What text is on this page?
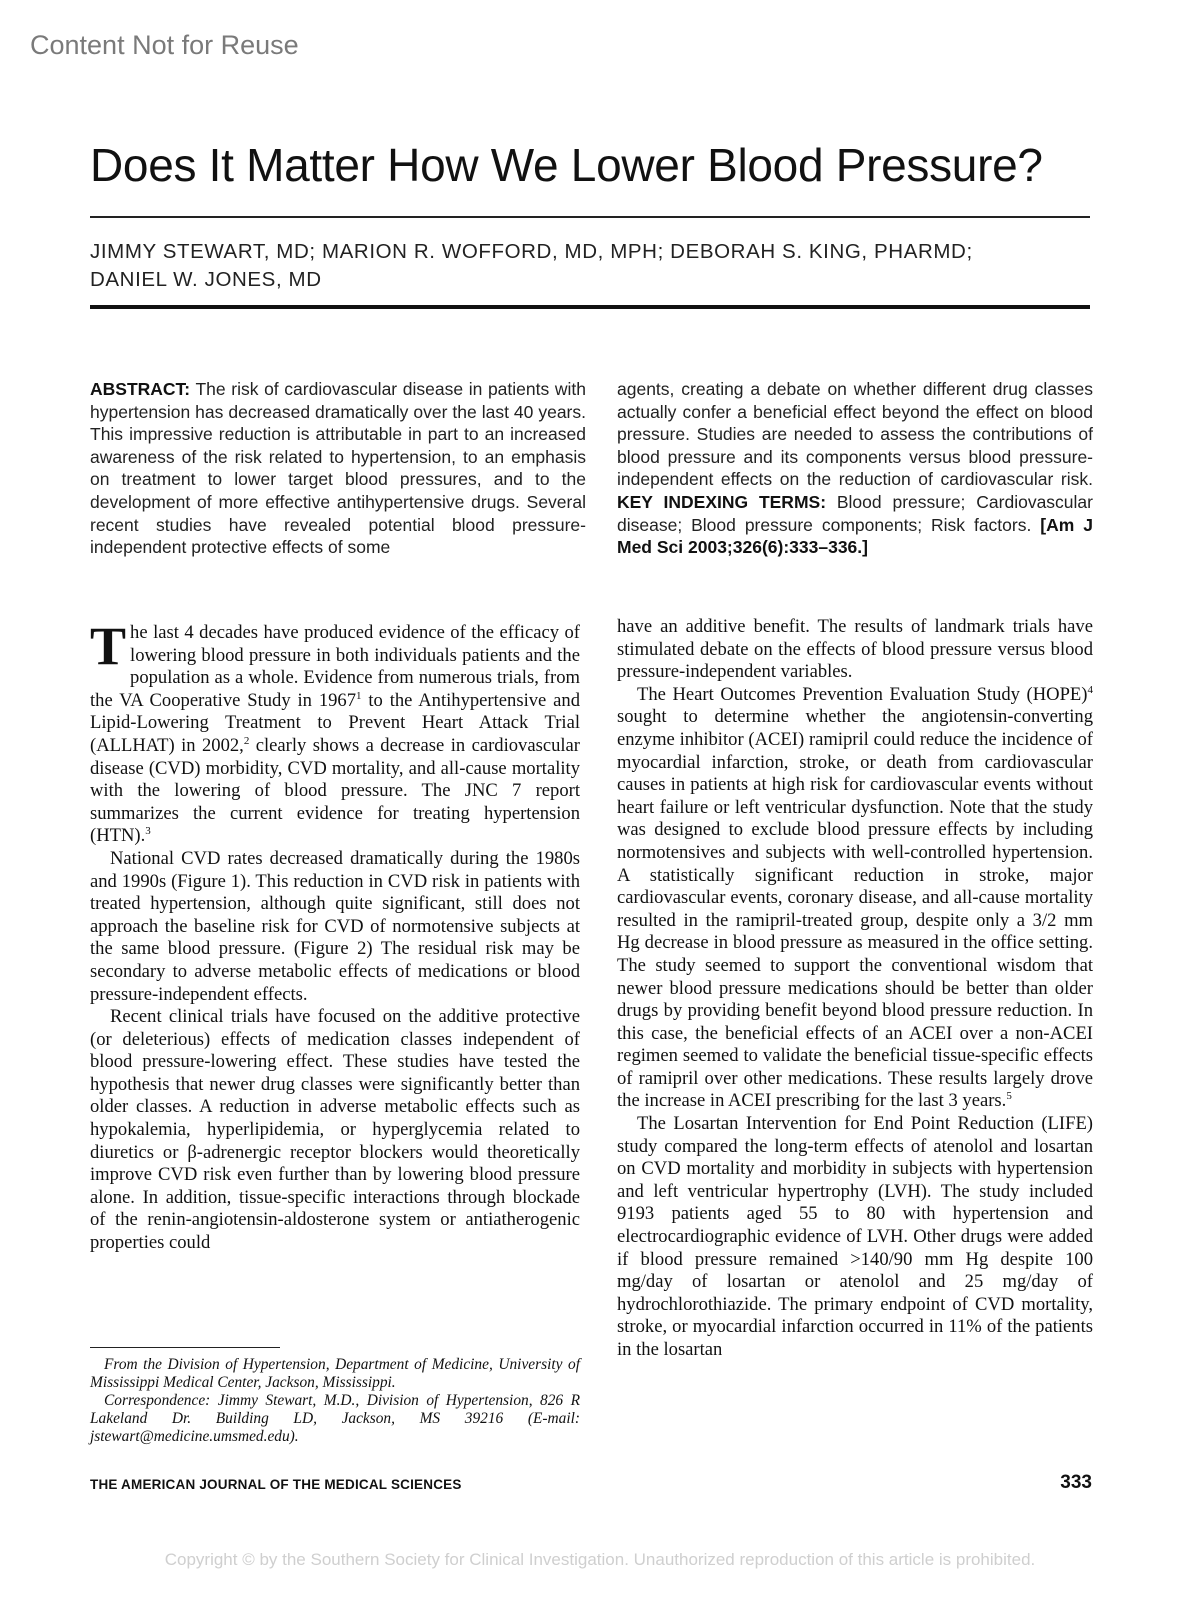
Content Not for Reuse
Does It Matter How We Lower Blood Pressure?
JIMMY STEWART, MD; MARION R. WOFFORD, MD, MPH; DEBORAH S. KING, PHARMD;
DANIEL W. JONES, MD

ABSTRACT: The risk of cardiovascular disease in patients with hypertension has decreased dramatically over the last 40 years. This impressive reduction is attributable in part to an increased awareness of the risk related to hypertension, to an emphasis on treatment to lower target blood pressures, and to the development of more effective antihypertensive drugs. Several recent studies have revealed potential blood pressure-independent protective effects of some

agents, creating a debate on whether different drug classes actually confer a beneficial effect beyond the effect on blood pressure. Studies are needed to assess the contributions of blood pressure and its components versus blood pressure-independent effects on the reduction of cardiovascular risk. KEY INDEXING TERMS: Blood pressure; Cardiovascular disease; Blood pressure components; Risk factors. [Am J Med Sci 2003;326(6):333–336.]

The last 4 decades have produced evidence of the efficacy of lowering blood pressure in both individuals patients and the population as a whole. Evidence from numerous trials, from the VA Cooperative Study in 1967$^1$ to the Antihypertensive and Lipid-Lowering Treatment to Prevent Heart Attack Trial (ALLHAT) in 2002,$^2$ clearly shows a decrease in cardiovascular disease (CVD) morbidity, CVD mortality, and all-cause mortality with the lowering of blood pressure. The JNC 7 report summarizes the current evidence for treating hypertension (HTN).$^3$

National CVD rates decreased dramatically during the 1980s and 1990s (Figure 1). This reduction in CVD risk in patients with treated hypertension, although quite significant, still does not approach the baseline risk for CVD of normotensive subjects at the same blood pressure. (Figure 2) The residual risk may be secondary to adverse metabolic effects of medications or blood pressure-independent effects.

Recent clinical trials have focused on the additive protective (or deleterious) effects of medication classes independent of blood pressure-lowering effect. These studies have tested the hypothesis that newer drug classes were significantly better than older classes. A reduction in adverse metabolic effects such as hypokalemia, hyperlipidemia, or hyperglycemia related to diuretics or β-adrenergic receptor blockers would theoretically improve CVD risk even further than by lowering blood pressure alone. In addition, tissue-specific interactions through blockade of the renin-angiotensin-aldosterone system or antiatherogenic properties could

have an additive benefit. The results of landmark trials have stimulated debate on the effects of blood pressure versus blood pressure-independent variables.

The Heart Outcomes Prevention Evaluation Study (HOPE)$^4$ sought to determine whether the angiotensin-converting enzyme inhibitor (ACEI) ramipril could reduce the incidence of myocardial infarction, stroke, or death from cardiovascular causes in patients at high risk for cardiovascular events without heart failure or left ventricular dysfunction. Note that the study was designed to exclude blood pressure effects by including normotensives and subjects with well-controlled hypertension. A statistically significant reduction in stroke, major cardiovascular events, coronary disease, and all-cause mortality resulted in the ramipril-treated group, despite only a 3/2 mm Hg decrease in blood pressure as measured in the office setting. The study seemed to support the conventional wisdom that newer blood pressure medications should be better than older drugs by providing benefit beyond blood pressure reduction. In this case, the beneficial effects of an ACEI over a non-ACEI regimen seemed to validate the beneficial tissue-specific effects of ramipril over other medications. These results largely drove the increase in ACEI prescribing for the last 3 years.$^5$

The Losartan Intervention for End Point Reduction (LIFE) study compared the long-term effects of atenolol and losartan on CVD mortality and morbidity in subjects with hypertension and left ventricular hypertrophy (LVH). The study included 9193 patients aged 55 to 80 with hypertension and electrocardiographic evidence of LVH. Other drugs were added if blood pressure remained >140/90 mm Hg despite 100 mg/day of losartan or atenolol and 25 mg/day of hydrochlorothiazide. The primary endpoint of CVD mortality, stroke, or myocardial infarction occurred in 11% of the patients in the losartan

From the Division of Hypertension, Department of Medicine, University of Mississippi Medical Center, Jackson, Mississippi.
Correspondence: Jimmy Stewart, M.D., Division of Hypertension, 826 R Lakeland Dr. Building LD, Jackson, MS 39216 (E-mail: jstewart@medicine.umsmed.edu).

THE AMERICAN JOURNAL OF THE MEDICAL SCIENCES	333
Copyright © by the Southern Society for Clinical Investigation. Unauthorized reproduction of this article is prohibited.
